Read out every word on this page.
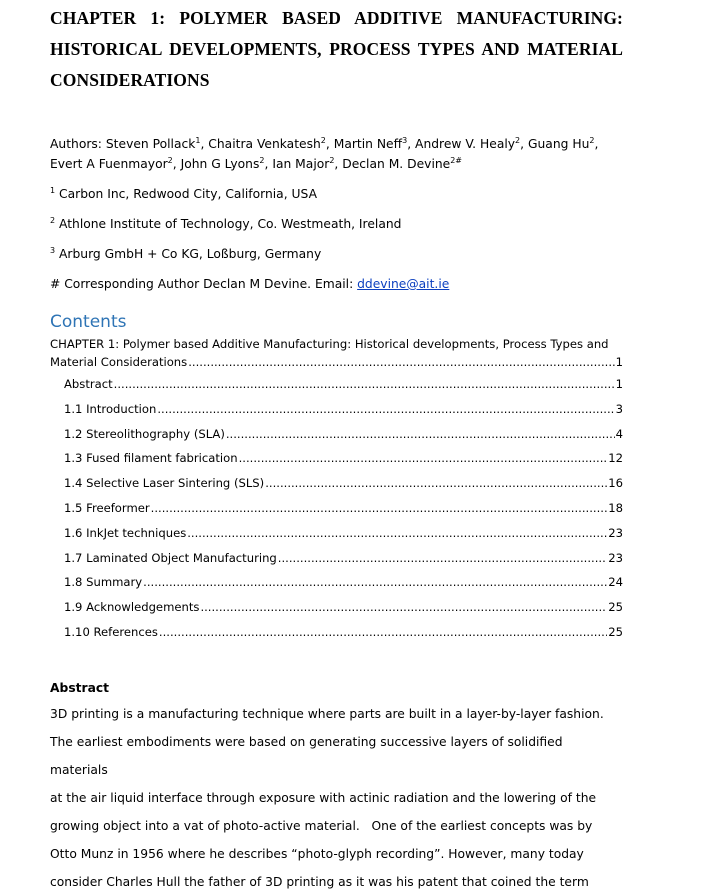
CHAPTER 1: POLYMER BASED ADDITIVE MANUFACTURING:
HISTORICAL DEVELOPMENTS, PROCESS TYPES AND MATERIAL
CONSIDERATIONS
Authors: Steven Pollack$^1$, Chaitra Venkatesh$^2$, Martin Neff$^3$, Andrew V. Healy$^2$, Guang Hu$^2$,
Evert A Fuenmayor$^2$, John G Lyons$^2$, Ian Major$^2$, Declan M. Devine$^{2\#}$
$^1$ Carbon Inc, Redwood City, California, USA
$^2$ Athlone Institute of Technology, Co. Westmeath, Ireland
$^3$ Arburg GmbH + Co KG, Loßburg, Germany
# Corresponding Author Declan M Devine. Email: ddevine@ait.ie
Contents
CHAPTER 1: Polymer based Additive Manufacturing: Historical developments, Process Types and
Material Considerations .....	1
Abstract .....	1
1.1 Introduction .....	3
1.2 Stereolithography (SLA) .....	4
1.3 Fused filament fabrication .....	12
1.4 Selective Laser Sintering (SLS) .....	16
1.5 Freeformer .....	18
1.6 InkJet techniques .....	23
1.7 Laminated Object Manufacturing .....	23
1.8 Summary .....	24
1.9 Acknowledgements .....	25
1.10 References .....	25
Abstract
3D printing is a manufacturing technique where parts are built in a layer-by-layer fashion.
The earliest embodiments were based on generating successive layers of solidified materials
at the air liquid interface through exposure with actinic radiation and the lowering of the
growing object into a vat of photo-active material.   One of the earliest concepts was by
Otto Munz in 1956 where he describes “photo-glyph recording”. However, many today
consider Charles Hull the father of 3D printing as it was his patent that coined the term
